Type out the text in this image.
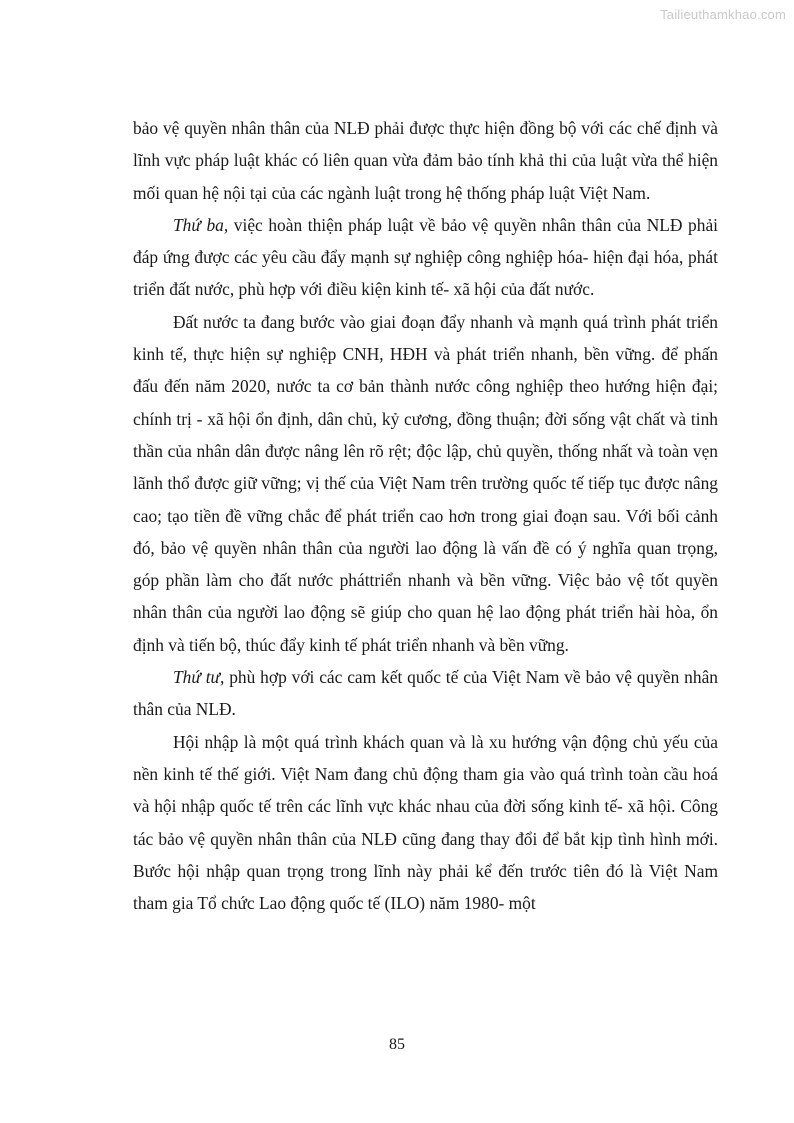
Tailieuthamkhao.com

bảo vệ quyền nhân thân của NLĐ phải được thực hiện đồng bộ với các chế định và lĩnh vực pháp luật khác có liên quan vừa đảm bảo tính khả thi của luật vừa thể hiện mối quan hệ nội tại của các ngành luật trong hệ thống pháp luật Việt Nam.

Thứ ba, việc hoàn thiện pháp luật về bảo vệ quyền nhân thân của NLĐ phải đáp ứng được các yêu cầu đẩy mạnh sự nghiệp công nghiệp hóa- hiện đại hóa, phát triển đất nước, phù hợp với điều kiện kinh tế- xã hội của đất nước.

Đất nước ta đang bước vào giai đoạn đẩy nhanh và mạnh quá trình phát triển kinh tế, thực hiện sự nghiệp CNH, HĐH và phát triển nhanh, bền vững. để phấn đấu đến năm 2020, nước ta cơ bản thành nước công nghiệp theo hướng hiện đại; chính trị - xã hội ổn định, dân chủ, kỷ cương, đồng thuận; đời sống vật chất và tinh thần của nhân dân được nâng lên rõ rệt; độc lập, chủ quyền, thống nhất và toàn vẹn lãnh thổ được giữ vững; vị thế của Việt Nam trên trường quốc tế tiếp tục được nâng cao; tạo tiền đề vững chắc để phát triển cao hơn trong giai đoạn sau. Với bối cảnh đó, bảo vệ quyền nhân thân của người lao động là vấn đề có ý nghĩa quan trọng, góp phần làm cho đất nước pháttriển nhanh và bền vững. Việc bảo vệ tốt quyền nhân thân của người lao động sẽ giúp cho quan hệ lao động phát triển hài hòa, ổn định và tiến bộ, thúc đẩy kinh tế phát triển nhanh và bền vững.

Thứ tư, phù hợp với các cam kết quốc tế của Việt Nam về bảo vệ quyền nhân thân của NLĐ.

Hội nhập là một quá trình khách quan và là xu hướng vận động chủ yếu của nền kinh tế thế giới. Việt Nam đang chủ động tham gia vào quá trình toàn cầu hoá và hội nhập quốc tế trên các lĩnh vực khác nhau của đời sống kinh tế- xã hội. Công tác bảo vệ quyền nhân thân của NLĐ cũng đang thay đổi để bắt kịp tình hình mới. Bước hội nhập quan trọng trong lĩnh này phải kể đến trước tiên đó là Việt Nam tham gia Tổ chức Lao động quốc tế (ILO) năm 1980- một

85
